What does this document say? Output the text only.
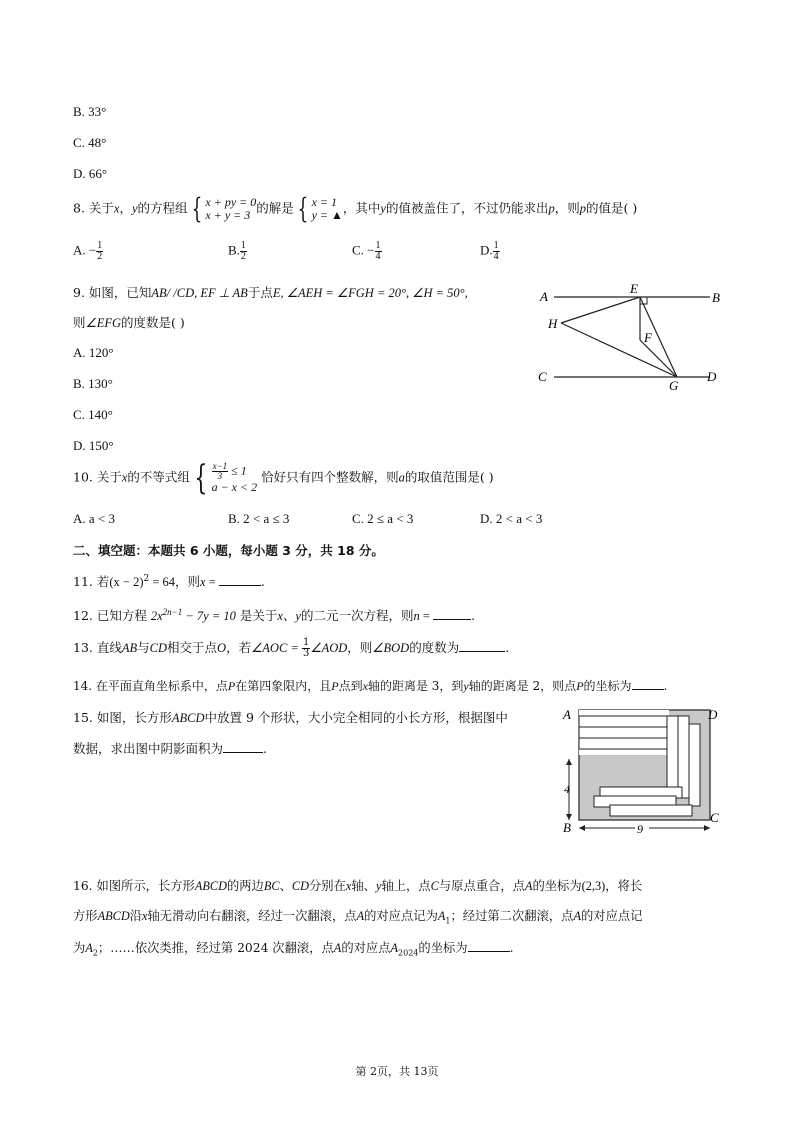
B. 33°
C. 48°
D. 66°
8. 关于x，y的方程组 { x + py = 0
x + y = 3 的解是 { x = 1
y = ▲，其中y的值被盖住了，不过仍能求出p，则p的值是( )
A. − $\frac{1}{2}$	B. $\frac{1}{2}$	C. − $\frac{1}{4}$	D. $\frac{1}{4}$
9. 如图，已知AB/ /CD, EF ⊥ AB于点E, ∠AEH = ∠FGH = 20°, ∠H = 50°,
则∠EFG的度数是( )
A. 120°
B. 130°
C. 140°
D. 150°
A	B
C	D
E
F
G
H
10. 关于x的不等式组 { $\frac{x-1}{3} \le 1$
a − x < 2 恰好只有四个整数解，则a的取值范围是( )
A. a < 3	B. 2 < a ≤ 3	C. 2 ≤ a < 3	D. 2 < a < 3
二、填空题：本题共 6 小题，每小题 3 分，共 18 分。
11. 若$(x - 2)^2 = 64$，则x =	.
12. 已知方程 $2x^{2n-1} - 7y = 10$ 是关于x、y的二元一次方程，则n =	.
13. 直线AB与CD相交于点O，若∠AOC = $\frac{1}{3}$ ∠AOD，则∠BOD的度数为	.
14. 在平面直角坐标系中，点P在第四象限内，且P点到x轴的距离是 3，到y轴的距离是 2，则点P的坐标为	.
15. 如图，长方形ABCD中放置 9 个形状，大小完全相同的小长方形，根据图中
数据，求出图中阴影面积为	.
4
9
A	D
B
C
16. 如图所示，长方形ABCD的两边BC、CD分别在x轴、y轴上，点C与原点重合，点A的坐标为(2,3)，将长
方形ABCD沿x轴无滑动向右翻滚，经过一次翻滚，点A的对应点记为$A_1$；经过第二次翻滚，点A的对应点记
为$A_2$；……依次类推，经过第 2024 次翻滚，点A的对应点$A_{2024}$的坐标为	.
第 2页，共 13页
